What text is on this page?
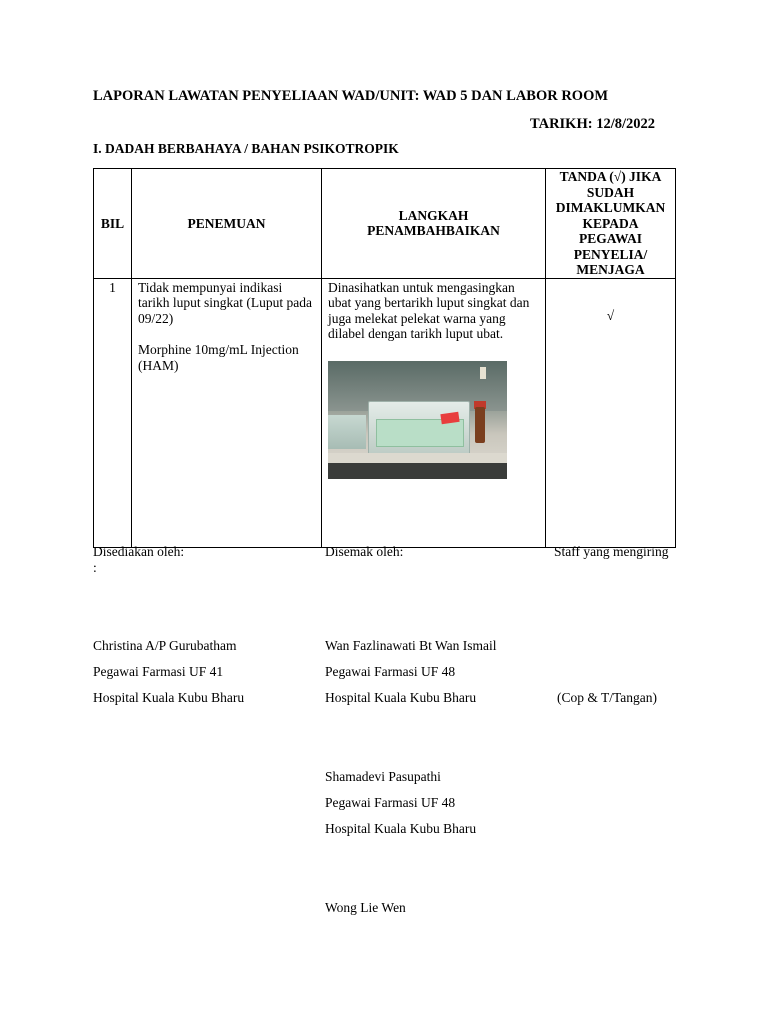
LAPORAN LAWATAN PENYELIAAN WAD/UNIT: WAD 5 DAN LABOR ROOM
TARIKH: 12/8/2022
I. DADAH BERBAHAYA / BAHAN PSIKOTROPIK
BIL	PENEMUAN	LANGKAH PENAMBAHBAIKAN	TANDA (√) JIKA SUDAH DIMAKLUMKAN KEPADA PEGAWAI PENYELIA/ MENJAGA
1	Tidak mempunyai indikasi tarikh luput singkat (Luput pada 09/22)

Morphine 10mg/mL Injection (HAM)	Dinasihatkan untuk mengasingkan ubat yang bertarikh luput singkat dan juga melekat pelekat warna yang dilabel dengan tarikh luput ubat.	√
Disediakan oleh:
:
Disemak oleh:	Staff yang mengiring
Christina A/P Gurubatham
Pegawai Farmasi UF 41
Hospital Kuala Kubu Bharu
Wan Fazlinawati Bt Wan Ismail
Pegawai Farmasi UF 48
Hospital Kuala Kubu Bharu	(Cop & T/Tangan)
Shamadevi Pasupathi
Pegawai Farmasi UF 48
Hospital Kuala Kubu Bharu
Wong Lie Wen
